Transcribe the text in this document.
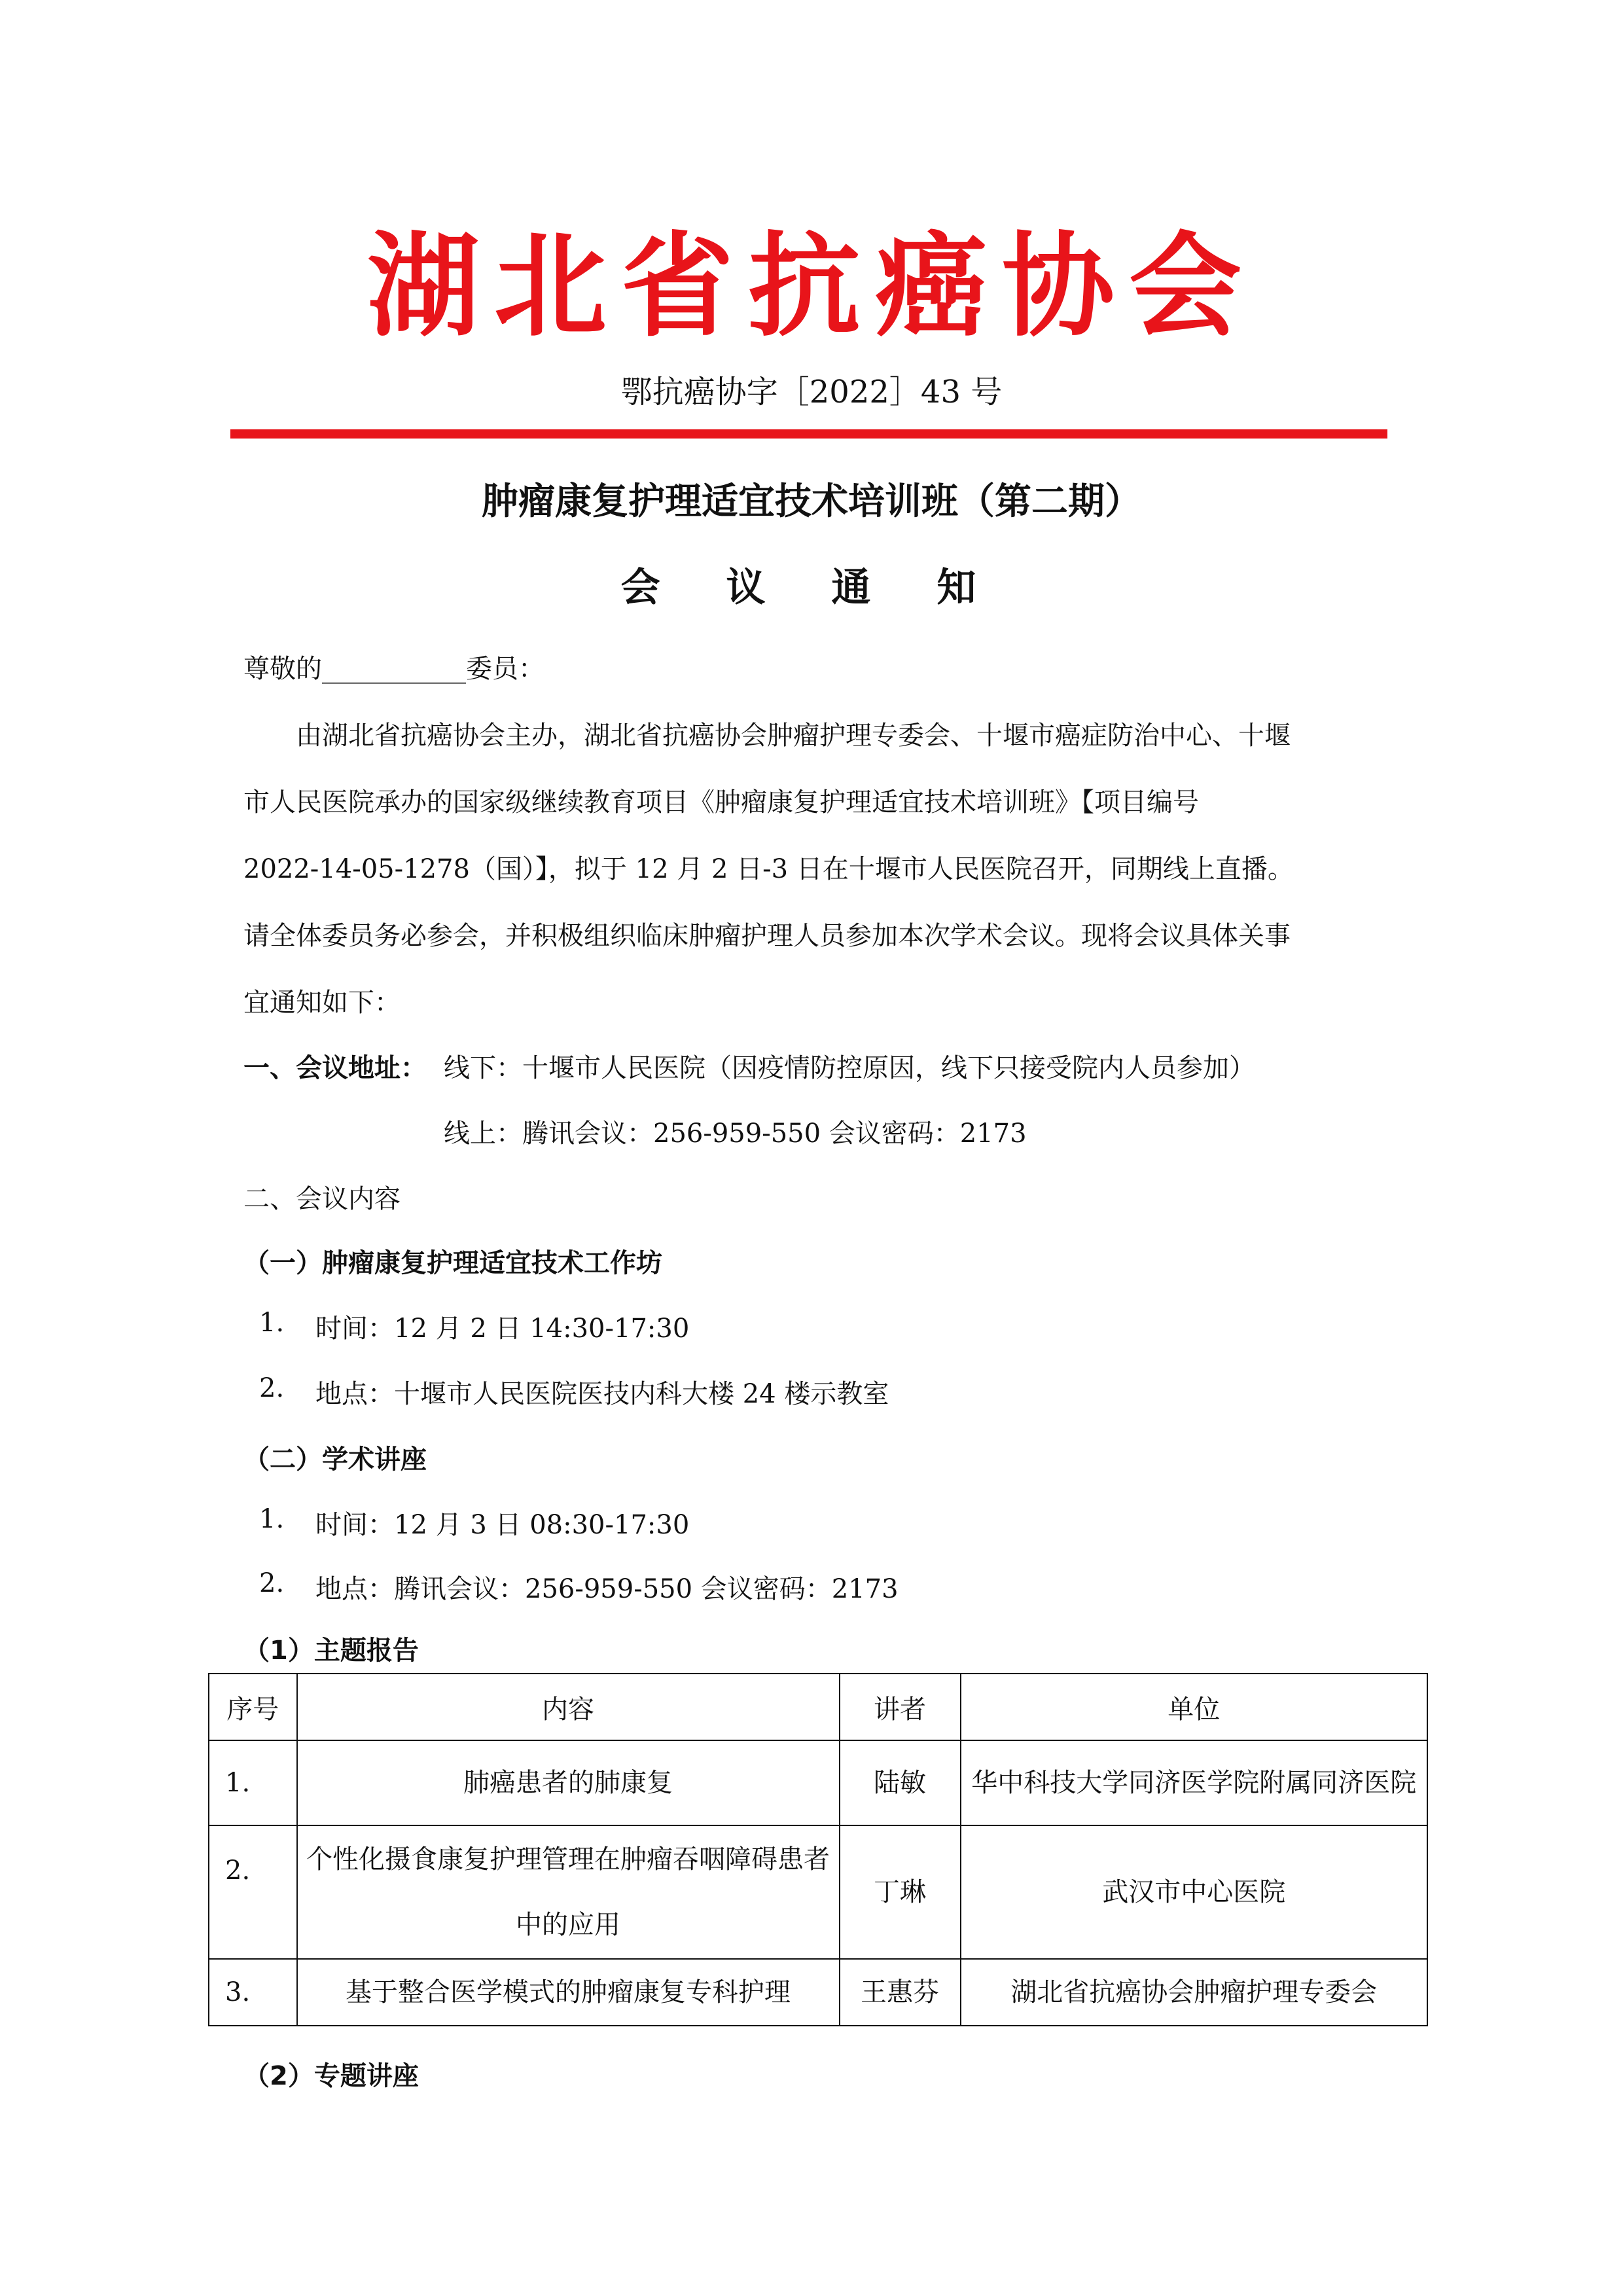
湖北省抗癌协会
鄂抗癌协字［2022］43 号
肿瘤康复护理适宜技术培训班（第二期）
会 议 通 知
尊敬的___________委员：
由湖北省抗癌协会主办，湖北省抗癌协会肿瘤护理专委会、十堰市癌症防治中心、十堰
市人民医院承办的国家级继续教育项目《肿瘤康复护理适宜技术培训班》【项目编号
2022-14-05-1278（国）】，拟于 12 月 2 日-3 日在十堰市人民医院召开，同期线上直播。
请全体委员务必参会，并积极组织临床肿瘤护理人员参加本次学术会议。现将会议具体关事
宜通知如下：
一、会议地址： 线下：十堰市人民医院（因疫情防控原因，线下只接受院内人员参加）
线上：腾讯会议：256-959-550 会议密码：2173
二、会议内容
（一）肿瘤康复护理适宜技术工作坊
1. 时间：12 月 2 日 14:30-17:30
2. 地点：十堰市人民医院医技内科大楼 24 楼示教室
（二）学术讲座
1. 时间：12 月 3 日 08:30-17:30
2. 地点：腾讯会议：256-959-550 会议密码：2173
（1）主题报告
序号	内容	讲者	单位
1.	肺癌患者的肺康复	陆敏	华中科技大学同济医学院附属同济医院
2.	个性化摄食康复护理管理在肿瘤吞咽障碍患者中的应用	丁琳	武汉市中心医院
3.	基于整合医学模式的肿瘤康复专科护理	王惠芬	湖北省抗癌协会肿瘤护理专委会
（2）专题讲座
